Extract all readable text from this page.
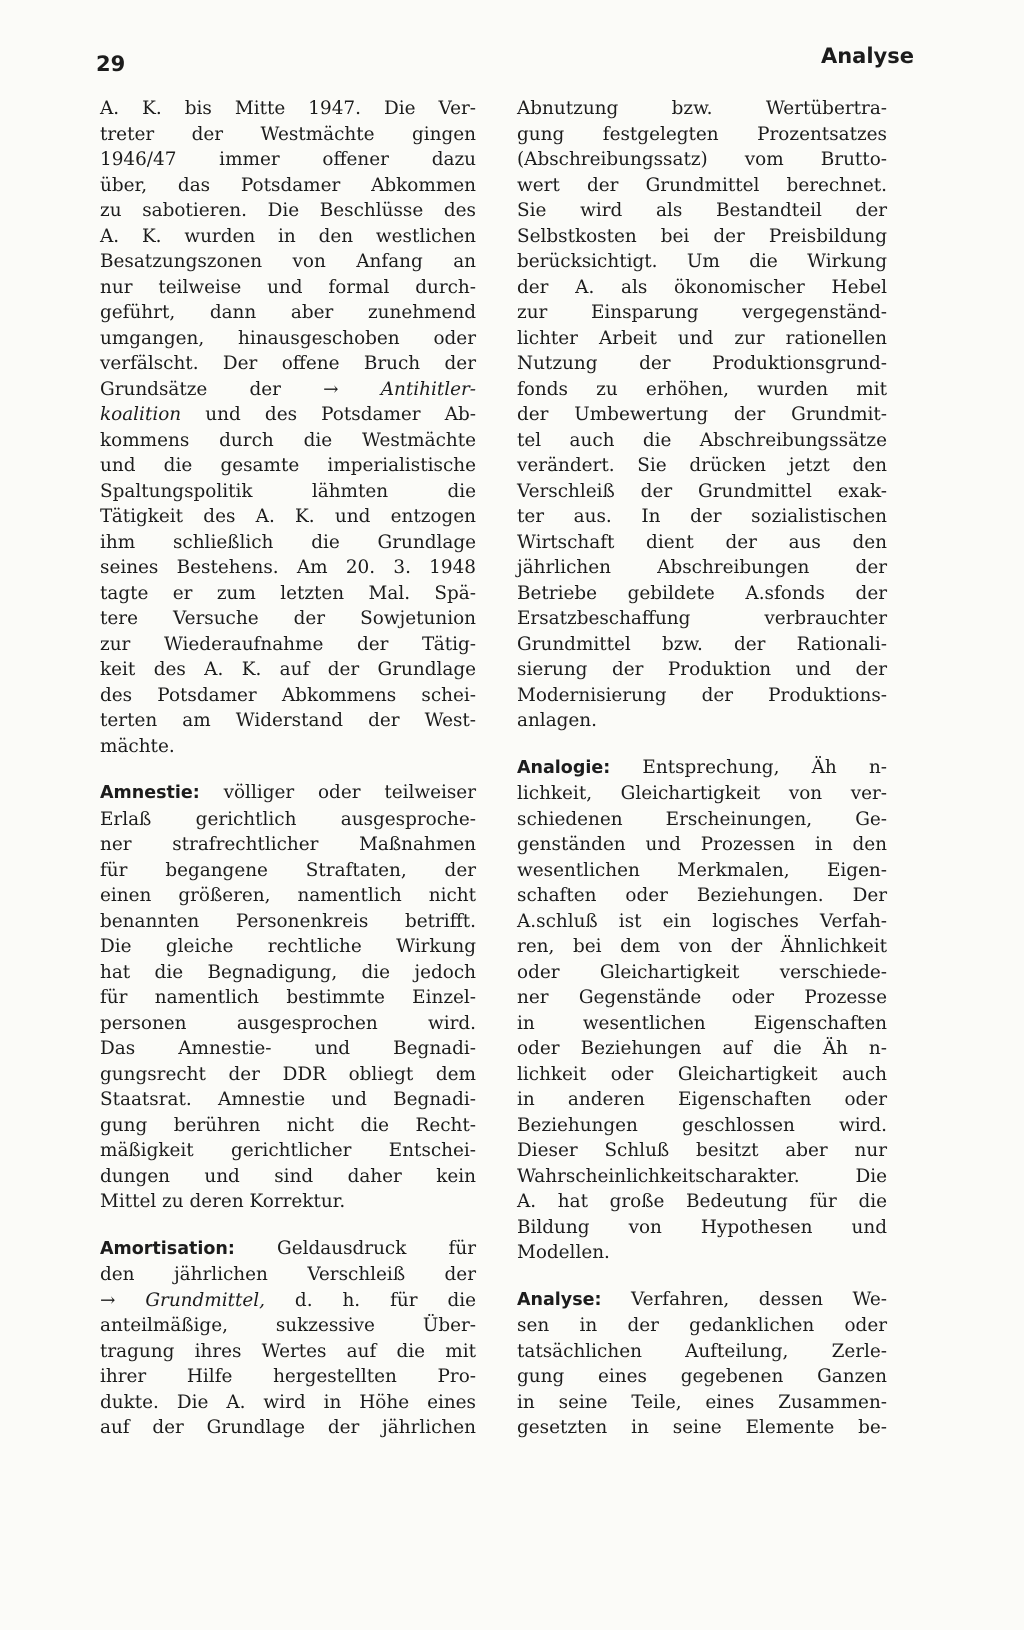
29	Analyse
A. K. bis Mitte 1947. Die Ver-
treter der Westmächte gingen
1946/47 immer offener dazu
über, das Potsdamer Abkommen
zu sabotieren. Die Beschlüsse des
A. K. wurden in den westlichen
Besatzungszonen von Anfang an
nur teilweise und formal durch-
geführt, dann aber zunehmend
umgangen, hinausgeschoben oder
verfälscht. Der offene Bruch der
Grundsätze der → Antihitler-
koalition und des Potsdamer Ab-
kommens durch die Westmächte
und die gesamte imperialistische
Spaltungspolitik lähmten die
Tätigkeit des A. K. und entzogen
ihm schließlich die Grundlage
seines Bestehens. Am 20. 3. 1948
tagte er zum letzten Mal. Spä-
tere Versuche der Sowjetunion
zur Wiederaufnahme der Tätig-
keit des A. K. auf der Grundlage
des Potsdamer Abkommens schei-
terten am Widerstand der West-
mächte.
Amnestie: völliger oder teilweiser
Erlaß gerichtlich ausgesproche-
ner strafrechtlicher Maßnahmen
für begangene Straftaten, der
einen größeren, namentlich nicht
benannten Personenkreis betrifft.
Die gleiche rechtliche Wirkung
hat die Begnadigung, die jedoch
für namentlich bestimmte Einzel-
personen ausgesprochen wird.
Das Amnestie- und Begnadi-
gungsrecht der DDR obliegt dem
Staatsrat. Amnestie und Begnadi-
gung berühren nicht die Recht-
mäßigkeit gerichtlicher Entschei-
dungen und sind daher kein
Mittel zu deren Korrektur.
Amortisation: Geldausdruck für
den jährlichen Verschleiß der
→ Grundmittel, d. h. für die
anteilmäßige, sukzessive Über-
tragung ihres Wertes auf die mit
ihrer Hilfe hergestellten Pro-
dukte. Die A. wird in Höhe eines
auf der Grundlage der jährlichen
Abnutzung bzw. Wertübertra-
gung festgelegten Prozentsatzes
(Abschreibungssatz) vom Brutto-
wert der Grundmittel berechnet.
Sie wird als Bestandteil der
Selbstkosten bei der Preisbildung
berücksichtigt. Um die Wirkung
der A. als ökonomischer Hebel
zur Einsparung vergegenständ-
lichter Arbeit und zur rationellen
Nutzung der Produktionsgrund-
fonds zu erhöhen, wurden mit
der Umbewertung der Grundmit-
tel auch die Abschreibungssätze
verändert. Sie drücken jetzt den
Verschleiß der Grundmittel exak-
ter aus. In der sozialistischen
Wirtschaft dient der aus den
jährlichen Abschreibungen der
Betriebe gebildete A.sfonds der
Ersatzbeschaffung verbrauchter
Grundmittel bzw. der Rationali-
sierung der Produktion und der
Modernisierung der Produktions-
anlagen.
Analogie: Entsprechung, Äh n-
lichkeit, Gleichartigkeit von ver-
schiedenen Erscheinungen, Ge-
genständen und Prozessen in den
wesentlichen Merkmalen, Eigen-
schaften oder Beziehungen. Der
A.schluß ist ein logisches Verfah-
ren, bei dem von der Ähnlichkeit
oder Gleichartigkeit verschiede-
ner Gegenstände oder Prozesse
in wesentlichen Eigenschaften
oder Beziehungen auf die Äh n-
lichkeit oder Gleichartigkeit auch
in anderen Eigenschaften oder
Beziehungen geschlossen wird.
Dieser Schluß besitzt aber nur
Wahrscheinlichkeitscharakter. Die
A. hat große Bedeutung für die
Bildung von Hypothesen und
Modellen.
Analyse: Verfahren, dessen We-
sen in der gedanklichen oder
tatsächlichen Aufteilung, Zerle-
gung eines gegebenen Ganzen
in seine Teile, eines Zusammen-
gesetzten in seine Elemente be-
